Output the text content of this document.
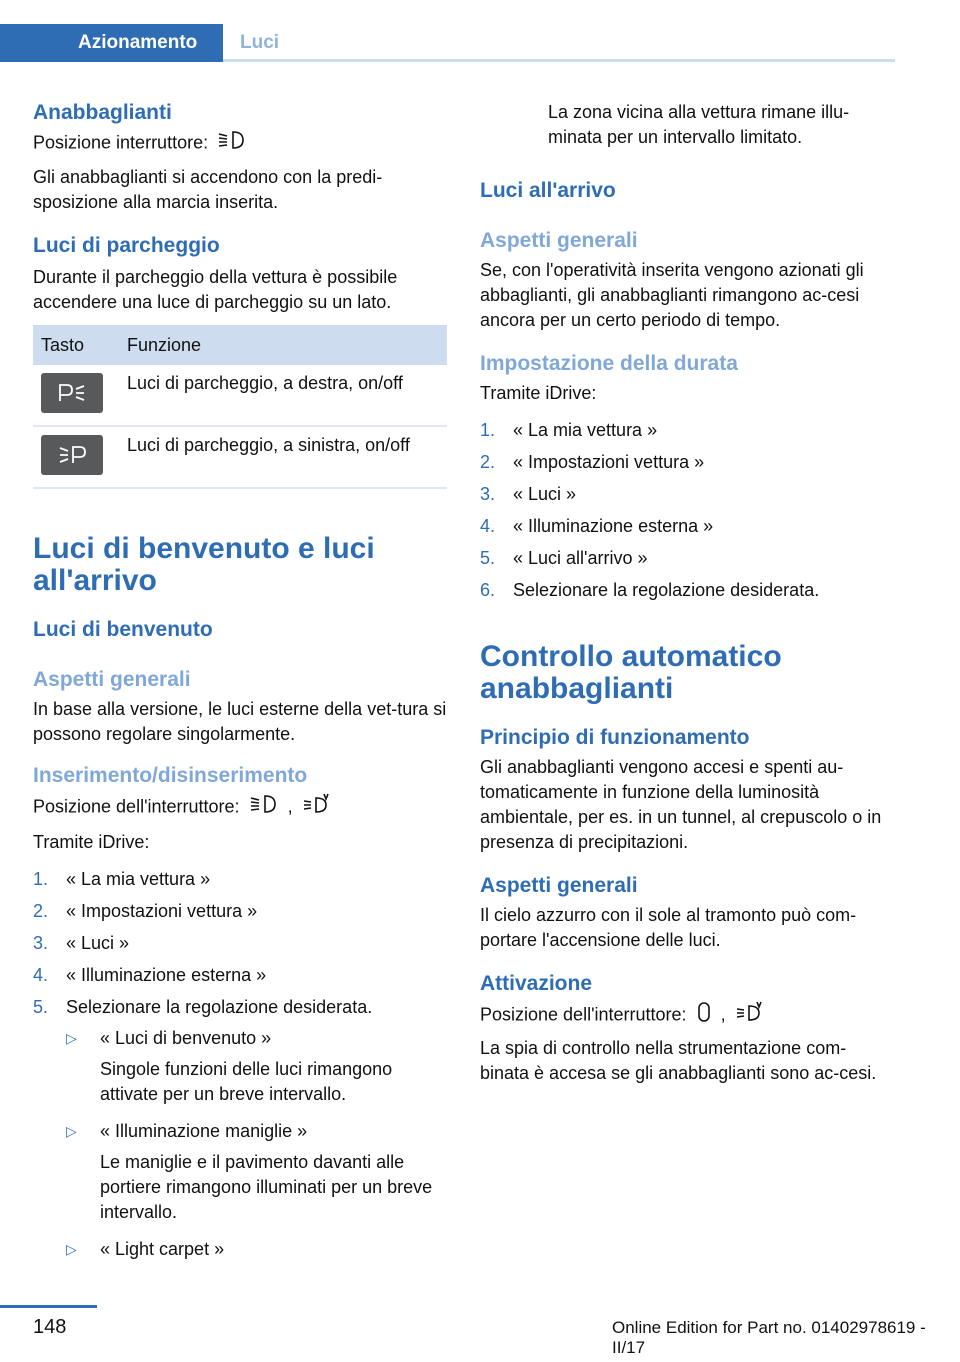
Azionamento	Luci
Anabbaglianti

Posizione interruttore:

Gli anabbaglianti si accendono con la predi-sposizione alla marcia inserita.

Luci di parcheggio

Durante il parcheggio della vettura è possibile accendere una luce di parcheggio su un lato.

Tasto	Funzione

	Luci di parcheggio, a destra, on/off

	Luci di parcheggio, a sinistra, on/off
Luci di benvenuto e luci
all'arrivo
Luci di benvenuto
Aspetti generali

In base alla versione, le luci esterne della vet-tura si possono regolare singolarmente.

Inserimento/disinserimento

Posizione dell'interruttore:	,

Tramite iDrive:

1. « La mia vettura »
2. « Impostazioni vettura »
3. « Luci »
4. « Illuminazione esterna »
5. Selezionare la regolazione desiderata.
▷ « Luci di benvenuto »
Singole funzioni delle luci rimangono attivate per un breve intervallo.
▷ « Illuminazione maniglie »
Le maniglie e il pavimento davanti alle portiere rimangono illuminati per un breve intervallo.
▷ « Light carpet »

La zona vicina alla vettura rimane illu-minata per un intervallo limitato.

Luci all'arrivo
Aspetti generali

Se, con l'operatività inserita vengono azionati gli abbaglianti, gli anabbaglianti rimangono ac-cesi ancora per un certo periodo di tempo.

Impostazione della durata

Tramite iDrive:

1. « La mia vettura »
2. « Impostazioni vettura »
3. « Luci »
4. « Illuminazione esterna »
5. « Luci all'arrivo »
6. Selezionare la regolazione desiderata.
Controllo automatico
anabbaglianti
Principio di funzionamento

Gli anabbaglianti vengono accesi e spenti au-tomaticamente in funzione della luminosità ambientale, per es. in un tunnel, al crepuscolo o in presenza di precipitazioni.

Aspetti generali

Il cielo azzurro con il sole al tramonto può com-portare l'accensione delle luci.

Attivazione

Posizione dell'interruttore: ,

La spia di controllo nella strumentazione com-binata è accesa se gli anabbaglianti sono ac-cesi.

148	Online Edition for Part no. 01402978619 - II/17
